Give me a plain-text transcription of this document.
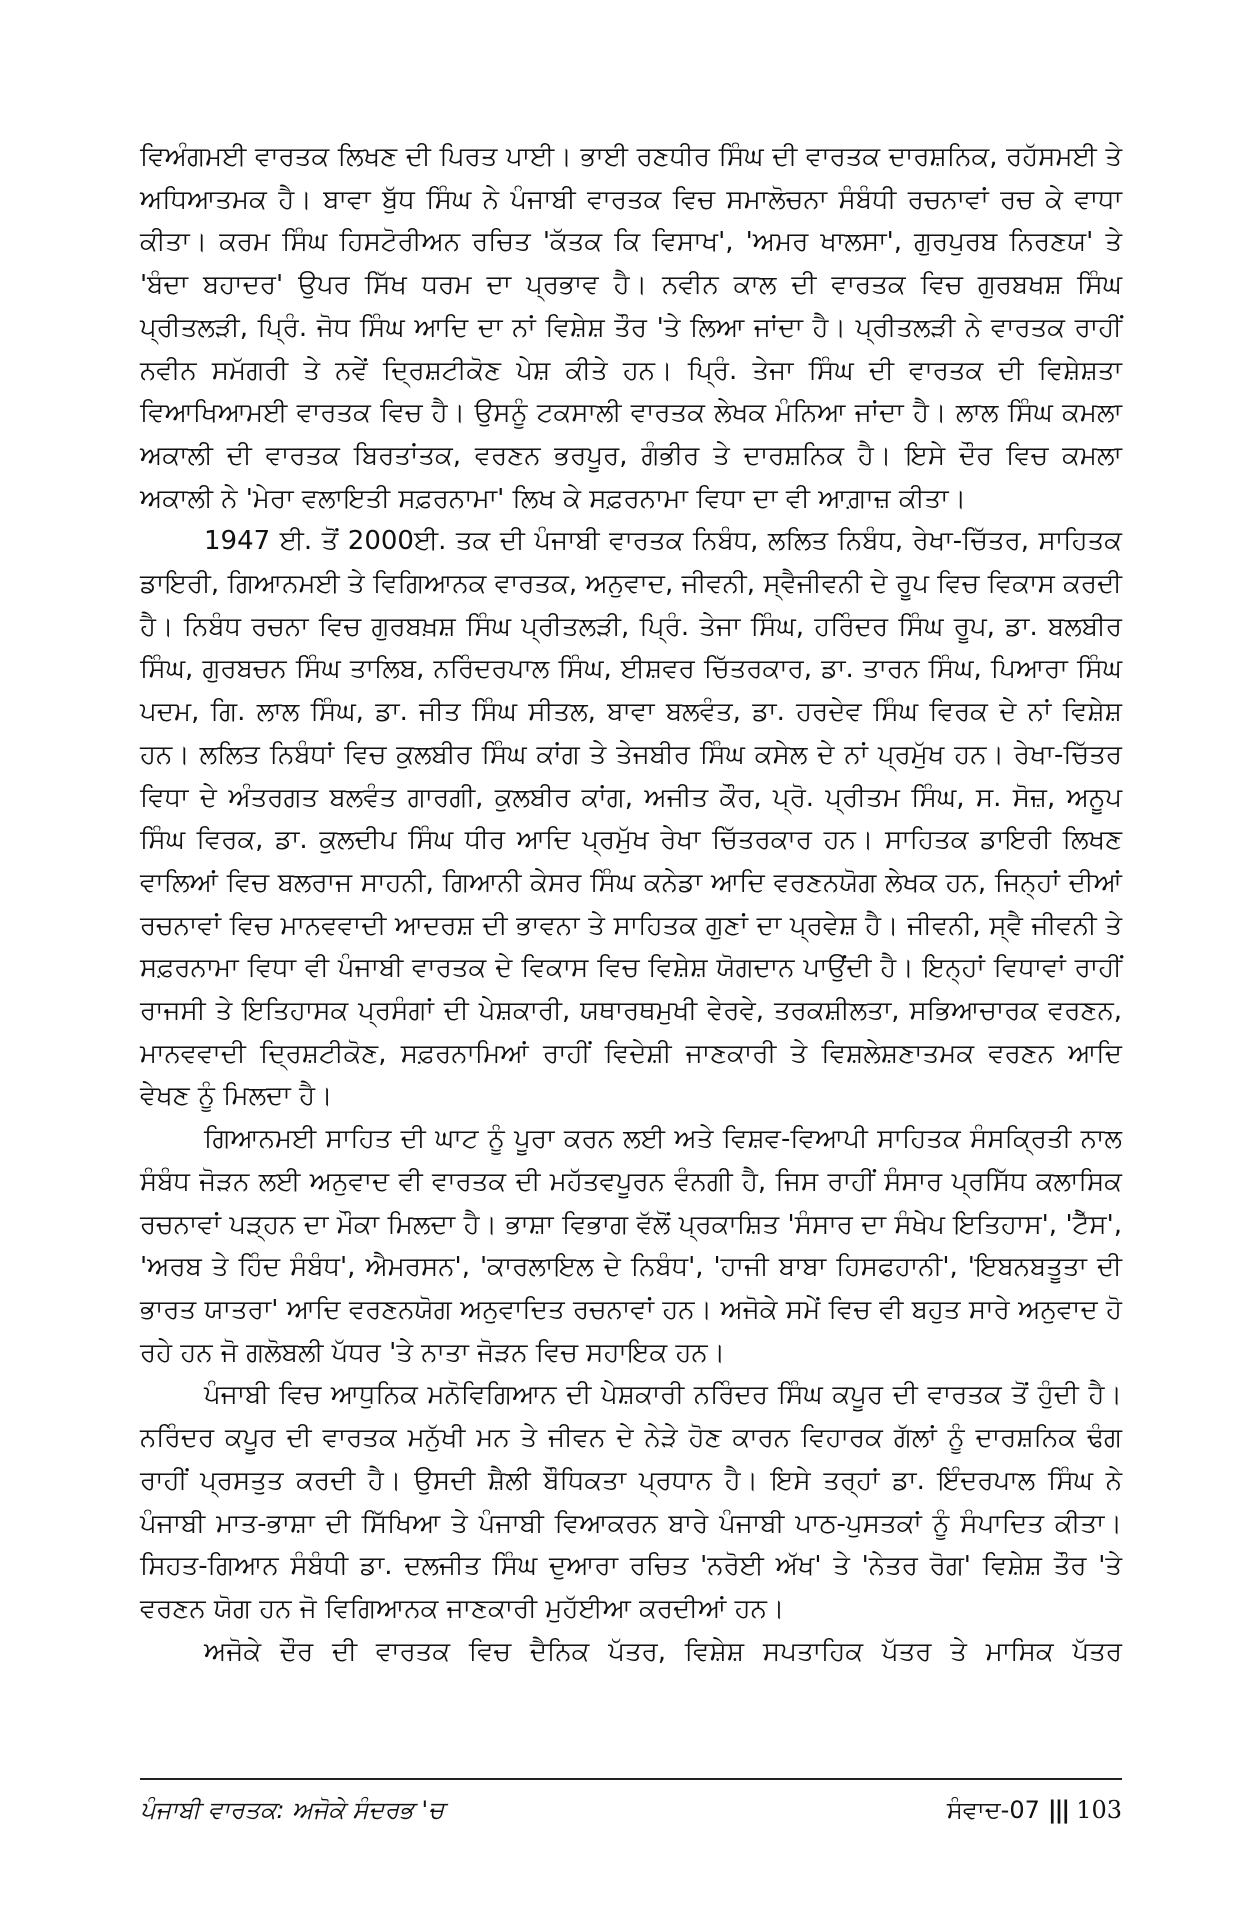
ਵਿਅੰਗਮਈ ਵਾਰਤਕ ਲਿਖਣ ਦੀ ਪਿਰਤ ਪਾਈ। ਭਾਈ ਰਣਧੀਰ ਸਿੰਘ ਦੀ ਵਾਰਤਕ ਦਾਰਸ਼ਨਿਕ, ਰਹੱਸਮਈ ਤੇ ਅਧਿਆਤਮਕ ਹੈ। ਬਾਵਾ ਬੁੱਧ ਸਿੰਘ ਨੇ ਪੰਜਾਬੀ ਵਾਰਤਕ ਵਿਚ ਸਮਾਲੋਚਨਾ ਸੰਬੰਧੀ ਰਚਨਾਵਾਂ ਰਚ ਕੇ ਵਾਧਾ ਕੀਤਾ। ਕਰਮ ਸਿੰਘ ਹਿਸਟੋਰੀਅਨ ਰਚਿਤ 'ਕੱਤਕ ਕਿ ਵਿਸਾਖ', 'ਅਮਰ ਖਾਲਸਾ', ਗੁਰਪੁਰਬ ਨਿਰਣਯ' ਤੇ 'ਬੰਦਾ ਬਹਾਦਰ' ਉਪਰ ਸਿੱਖ ਧਰਮ ਦਾ ਪ੍ਰਭਾਵ ਹੈ। ਨਵੀਨ ਕਾਲ ਦੀ ਵਾਰਤਕ ਵਿਚ ਗੁਰਬਖਸ਼ ਸਿੰਘ ਪ੍ਰੀਤਲੜੀ, ਪ੍ਰਿੰ. ਜੋਧ ਸਿੰਘ ਆਦਿ ਦਾ ਨਾਂ ਵਿਸ਼ੇਸ਼ ਤੌਰ 'ਤੇ ਲਿਆ ਜਾਂਦਾ ਹੈ। ਪ੍ਰੀਤਲੜੀ ਨੇ ਵਾਰਤਕ ਰਾਹੀਂ ਨਵੀਨ ਸਮੱਗਰੀ ਤੇ ਨਵੇਂ ਦ੍ਰਿਸ਼ਟੀਕੋਣ ਪੇਸ਼ ਕੀਤੇ ਹਨ। ਪ੍ਰਿੰ. ਤੇਜਾ ਸਿੰਘ ਦੀ ਵਾਰਤਕ ਦੀ ਵਿਸ਼ੇਸ਼ਤਾ ਵਿਆਖਿਆਮਈ ਵਾਰਤਕ ਵਿਚ ਹੈ। ਉਸਨੂੰ ਟਕਸਾਲੀ ਵਾਰਤਕ ਲੇਖਕ ਮੰਨਿਆ ਜਾਂਦਾ ਹੈ। ਲਾਲ ਸਿੰਘ ਕਮਲਾ ਅਕਾਲੀ ਦੀ ਵਾਰਤਕ ਬਿਰਤਾਂਤਕ, ਵਰਣਨ ਭਰਪੂਰ, ਗੰਭੀਰ ਤੇ ਦਾਰਸ਼ਨਿਕ ਹੈ। ਇਸੇ ਦੌਰ ਵਿਚ ਕਮਲਾ ਅਕਾਲੀ ਨੇ 'ਮੇਰਾ ਵਲਾਇਤੀ ਸਫ਼ਰਨਾਮਾ' ਲਿਖ ਕੇ ਸਫ਼ਰਨਾਮਾ ਵਿਧਾ ਦਾ ਵੀ ਆਗ਼ਾਜ਼ ਕੀਤਾ।

1947 ਈ. ਤੋਂ 2000ਈ. ਤਕ ਦੀ ਪੰਜਾਬੀ ਵਾਰਤਕ ਨਿਬੰਧ, ਲਲਿਤ ਨਿਬੰਧ, ਰੇਖਾ-ਚਿੱਤਰ, ਸਾਹਿਤਕ ਡਾਇਰੀ, ਗਿਆਨਮਈ ਤੇ ਵਿਗਿਆਨਕ ਵਾਰਤਕ, ਅਨੁਵਾਦ, ਜੀਵਨੀ, ਸ੍ਵੈਜੀਵਨੀ ਦੇ ਰੂਪ ਵਿਚ ਵਿਕਾਸ ਕਰਦੀ ਹੈ। ਨਿਬੰਧ ਰਚਨਾ ਵਿਚ ਗੁਰਬਖ਼ਸ਼ ਸਿੰਘ ਪ੍ਰੀਤਲੜੀ, ਪ੍ਰਿੰ. ਤੇਜਾ ਸਿੰਘ, ਹਰਿੰਦਰ ਸਿੰਘ ਰੂਪ, ਡਾ. ਬਲਬੀਰ ਸਿੰਘ, ਗੁਰਬਚਨ ਸਿੰਘ ਤਾਲਿਬ, ਨਰਿੰਦਰਪਾਲ ਸਿੰਘ, ਈਸ਼ਵਰ ਚਿੱਤਰਕਾਰ, ਡਾ. ਤਾਰਨ ਸਿੰਘ, ਪਿਆਰਾ ਸਿੰਘ ਪਦਮ, ਗਿ. ਲਾਲ ਸਿੰਘ, ਡਾ. ਜੀਤ ਸਿੰਘ ਸੀਤਲ, ਬਾਵਾ ਬਲਵੰਤ, ਡਾ. ਹਰਦੇਵ ਸਿੰਘ ਵਿਰਕ ਦੇ ਨਾਂ ਵਿਸ਼ੇਸ਼ ਹਨ। ਲਲਿਤ ਨਿਬੰਧਾਂ ਵਿਚ ਕੁਲਬੀਰ ਸਿੰਘ ਕਾਂਗ ਤੇ ਤੇਜਬੀਰ ਸਿੰਘ ਕਸੇਲ ਦੇ ਨਾਂ ਪ੍ਰਮੁੱਖ ਹਨ। ਰੇਖਾ-ਚਿੱਤਰ ਵਿਧਾ ਦੇ ਅੰਤਰਗਤ ਬਲਵੰਤ ਗਾਰਗੀ, ਕੁਲਬੀਰ ਕਾਂਗ, ਅਜੀਤ ਕੌਰ, ਪ੍ਰੋ. ਪ੍ਰੀਤਮ ਸਿੰਘ, ਸ. ਸੋਜ਼, ਅਨੂਪ ਸਿੰਘ ਵਿਰਕ, ਡਾ. ਕੁਲਦੀਪ ਸਿੰਘ ਧੀਰ ਆਦਿ ਪ੍ਰਮੁੱਖ ਰੇਖਾ ਚਿੱਤਰਕਾਰ ਹਨ। ਸਾਹਿਤਕ ਡਾਇਰੀ ਲਿਖਣ ਵਾਲਿਆਂ ਵਿਚ ਬਲਰਾਜ ਸਾਹਨੀ, ਗਿਆਨੀ ਕੇਸਰ ਸਿੰਘ ਕਨੇਡਾ ਆਦਿ ਵਰਣਨਯੋਗ ਲੇਖਕ ਹਨ, ਜਿਨ੍ਹਾਂ ਦੀਆਂ ਰਚਨਾਵਾਂ ਵਿਚ ਮਾਨਵਵਾਦੀ ਆਦਰਸ਼ ਦੀ ਭਾਵਨਾ ਤੇ ਸਾਹਿਤਕ ਗੁਣਾਂ ਦਾ ਪ੍ਰਵੇਸ਼ ਹੈ। ਜੀਵਨੀ, ਸ੍ਵੈ ਜੀਵਨੀ ਤੇ ਸਫ਼ਰਨਾਮਾ ਵਿਧਾ ਵੀ ਪੰਜਾਬੀ ਵਾਰਤਕ ਦੇ ਵਿਕਾਸ ਵਿਚ ਵਿਸ਼ੇਸ਼ ਯੋਗਦਾਨ ਪਾਉਂਦੀ ਹੈ। ਇਨ੍ਹਾਂ ਵਿਧਾਵਾਂ ਰਾਹੀਂ ਰਾਜਸੀ ਤੇ ਇਤਿਹਾਸਕ ਪ੍ਰਸੰਗਾਂ ਦੀ ਪੇਸ਼ਕਾਰੀ, ਯਥਾਰਥਮੁਖੀ ਵੇਰਵੇ, ਤਰਕਸ਼ੀਲਤਾ, ਸਭਿਆਚਾਰਕ ਵਰਣਨ, ਮਾਨਵਵਾਦੀ ਦ੍ਰਿਸ਼ਟੀਕੋਣ, ਸਫ਼ਰਨਾਮਿਆਂ ਰਾਹੀਂ ਵਿਦੇਸ਼ੀ ਜਾਣਕਾਰੀ ਤੇ ਵਿਸ਼ਲੇਸ਼ਣਾਤਮਕ ਵਰਣਨ ਆਦਿ ਵੇਖਣ ਨੂੰ ਮਿਲਦਾ ਹੈ।

ਗਿਆਨਮਈ ਸਾਹਿਤ ਦੀ ਘਾਟ ਨੂੰ ਪੂਰਾ ਕਰਨ ਲਈ ਅਤੇ ਵਿਸ਼ਵ-ਵਿਆਪੀ ਸਾਹਿਤਕ ਸੰਸਕ੍ਰਿਤੀ ਨਾਲ ਸੰਬੰਧ ਜੋੜਨ ਲਈ ਅਨੁਵਾਦ ਵੀ ਵਾਰਤਕ ਦੀ ਮਹੱਤਵਪੂਰਨ ਵੰਨਗੀ ਹੈ, ਜਿਸ ਰਾਹੀਂ ਸੰਸਾਰ ਪ੍ਰਸਿੱਧ ਕਲਾਸਿਕ ਰਚਨਾਵਾਂ ਪੜ੍ਹਨ ਦਾ ਮੌਕਾ ਮਿਲਦਾ ਹੈ। ਭਾਸ਼ਾ ਵਿਭਾਗ ਵੱਲੋਂ ਪ੍ਰਕਾਸ਼ਿਤ 'ਸੰਸਾਰ ਦਾ ਸੰਖੇਪ ਇਤਿਹਾਸ', 'ਟੈੱਸ', 'ਅਰਬ ਤੇ ਹਿੰਦ ਸੰਬੰਧ', ਐਮਰਸਨ', 'ਕਾਰਲਾਇਲ ਦੇ ਨਿਬੰਧ', 'ਹਾਜੀ ਬਾਬਾ ਹਿਸਫਹਾਨੀ', 'ਇਬਨਬਤੂਤਾ ਦੀ ਭਾਰਤ ਯਾਤਰਾ' ਆਦਿ ਵਰਣਨਯੋਗ ਅਨੁਵਾਦਿਤ ਰਚਨਾਵਾਂ ਹਨ। ਅਜੋਕੇ ਸਮੇਂ ਵਿਚ ਵੀ ਬਹੁਤ ਸਾਰੇ ਅਨੁਵਾਦ ਹੋ ਰਹੇ ਹਨ ਜੋ ਗਲੋਬਲੀ ਪੱਧਰ 'ਤੇ ਨਾਤਾ ਜੋੜਨ ਵਿਚ ਸਹਾਇਕ ਹਨ।

ਪੰਜਾਬੀ ਵਿਚ ਆਧੁਨਿਕ ਮਨੋਵਿਗਿਆਨ ਦੀ ਪੇਸ਼ਕਾਰੀ ਨਰਿੰਦਰ ਸਿੰਘ ਕਪੂਰ ਦੀ ਵਾਰਤਕ ਤੋਂ ਹੁੰਦੀ ਹੈ। ਨਰਿੰਦਰ ਕਪੂਰ ਦੀ ਵਾਰਤਕ ਮਨੁੱਖੀ ਮਨ ਤੇ ਜੀਵਨ ਦੇ ਨੇੜੇ ਹੋਣ ਕਾਰਨ ਵਿਹਾਰਕ ਗੱਲਾਂ ਨੂੰ ਦਾਰਸ਼ਨਿਕ ਢੰਗ ਰਾਹੀਂ ਪ੍ਰਸਤੁਤ ਕਰਦੀ ਹੈ। ਉਸਦੀ ਸ਼ੈਲੀ ਬੌਧਿਕਤਾ ਪ੍ਰਧਾਨ ਹੈ। ਇਸੇ ਤਰ੍ਹਾਂ ਡਾ. ਇੰਦਰਪਾਲ ਸਿੰਘ ਨੇ ਪੰਜਾਬੀ ਮਾਤ-ਭਾਸ਼ਾ ਦੀ ਸਿੱਖਿਆ ਤੇ ਪੰਜਾਬੀ ਵਿਆਕਰਨ ਬਾਰੇ ਪੰਜਾਬੀ ਪਾਠ-ਪੁਸਤਕਾਂ ਨੂੰ ਸੰਪਾਦਿਤ ਕੀਤਾ। ਸਿਹਤ-ਗਿਆਨ ਸੰਬੰਧੀ ਡਾ. ਦਲਜੀਤ ਸਿੰਘ ਦੁਆਰਾ ਰਚਿਤ 'ਨਰੋਈ ਅੱਖ' ਤੇ 'ਨੇਤਰ ਰੋਗ' ਵਿਸ਼ੇਸ਼ ਤੌਰ 'ਤੇ ਵਰਣਨ ਯੋਗ ਹਨ ਜੋ ਵਿਗਿਆਨਕ ਜਾਣਕਾਰੀ ਮੁਹੱਈਆ ਕਰਦੀਆਂ ਹਨ।

ਅਜੋਕੇ ਦੌਰ ਦੀ ਵਾਰਤਕ ਵਿਚ ਦੈਨਿਕ ਪੱਤਰ, ਵਿਸ਼ੇਸ਼ ਸਪਤਾਹਿਕ ਪੱਤਰ ਤੇ ਮਾਸਿਕ ਪੱਤਰ

ਪੰਜਾਬੀ ਵਾਰਤਕ: ਅਜੋਕੇ ਸੰਦਰਭ 'ਚ	ਸੰਵਾਦ-07 ||| 103
